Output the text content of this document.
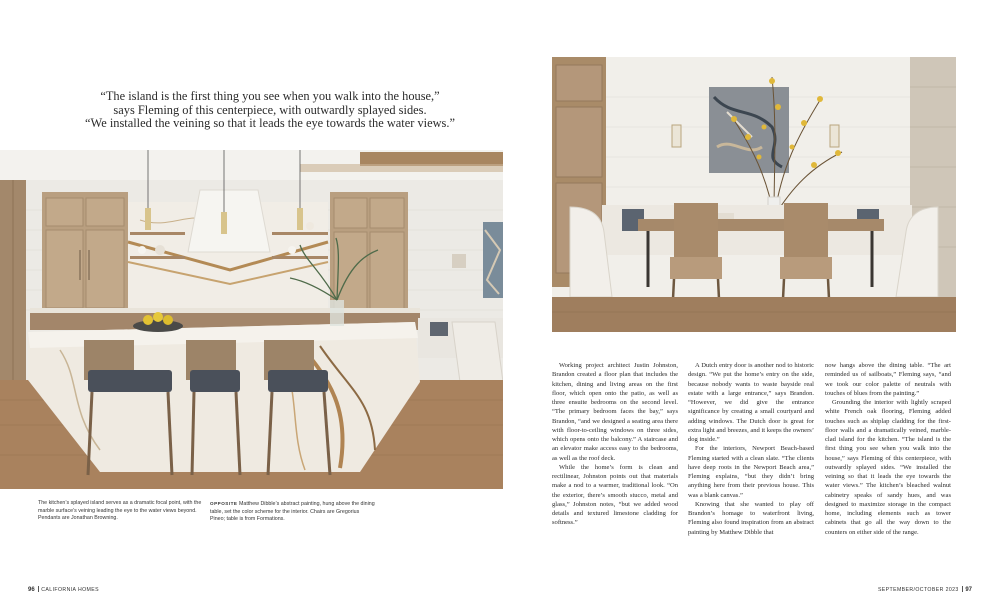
“The island is the first thing you see when you walk into the house,”
says Fleming of this centerpiece, with outwardly splayed sides.
“We installed the veining so that it leads the eye towards the water views.”
The kitchen’s splayed island serves as a dramatic focal point, with the marble surface’s veining leading the eye to the water views beyond. Pendants are Jonathan Browning.
OPPOSITE Matthew Dibble’s abstract painting, hung above the dining table, set the color scheme for the interior. Chairs are Gregorius Pineo; table is from Formations.

Working project architect Justin Johnston, Brandon created a floor plan that includes the kitchen, dining and living areas on the first floor, which open onto the patio, as well as three ensuite bedrooms on the second level. “The primary bedroom faces the bay,” says Brandon, “and we designed a seating area there with floor-to-ceiling windows on three sides, which opens onto the balcony.” A staircase and an elevator make access easy to the bedrooms, as well as the roof deck.

While the home’s form is clean and rectilinear, Johnston points out that materials make a nod to a warmer, traditional look. “On the exterior, there’s smooth stucco, metal and glass,” Johnston notes, “but we added wood details and textured limestone cladding for softness.”

A Dutch entry door is another nod to historic design. “We put the home’s entry on the side, because nobody wants to waste bayside real estate with a large entrance,” says Brandon. “However, we did give the entrance significance by creating a small courtyard and adding windows. The Dutch door is great for extra light and breezes, and it keeps the owners’ dog inside.”

For the interiors, Newport Beach-based Fleming started with a clean slate. “The clients have deep roots in the Newport Beach area,” Fleming explains, “but they didn’t bring anything here from their previous house. This was a blank canvas.”

Knowing that she wanted to play off Brandon’s homage to waterfront living, Fleming also found inspiration from an abstract painting by Matthew Dibble that

now hangs above the dining table. “The art reminded us of sailboats,” Fleming says, “and we took our color palette of neutrals with touches of blues from the painting.”

Grounding the interior with lightly scraped white French oak flooring, Fleming added touches such as shiplap cladding for the first-floor walls and a dramatically veined, marble-clad island for the kitchen. “The island is the first thing you see when you walk into the house,” says Fleming of this centerpiece, with outwardly splayed sides. “We installed the veining so that it leads the eye towards the water views.” The kitchen’s bleached walnut cabinetry speaks of sandy hues, and was designed to maximize storage in the compact home, including elements such as tower cabinets that go all the way down to the counters on either side of the range.

96 CALIFORNIA HOMES	SEPTEMBER/OCTOBER 2023 97
